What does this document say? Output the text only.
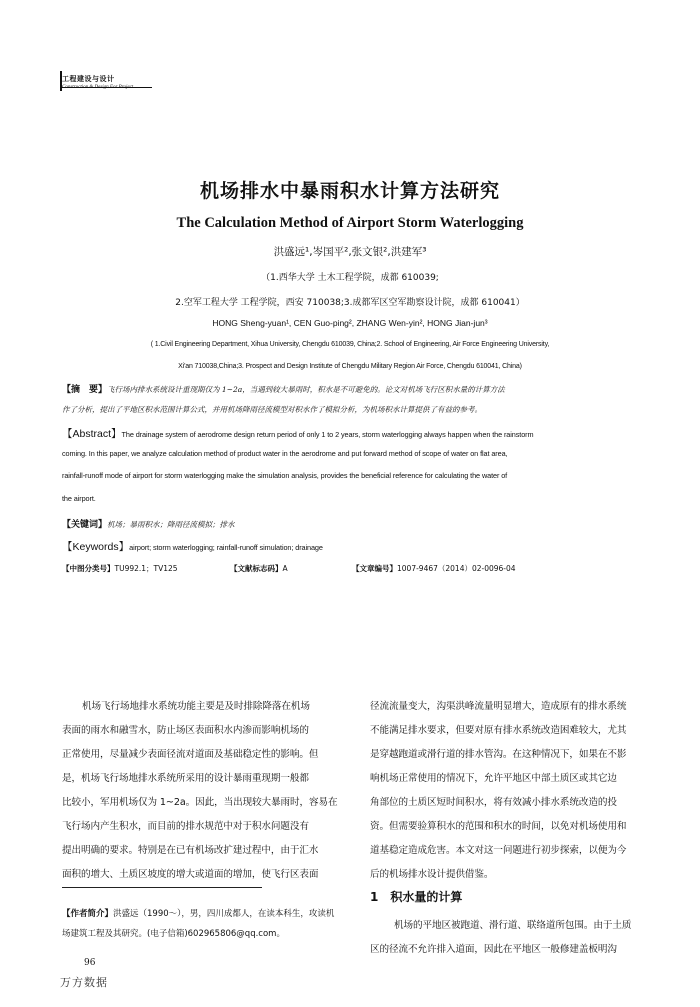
工程建设与设计
机场排水中暴雨积水计算方法研究
The Calculation Method of Airport Storm Waterlogging
洪盛远¹,岑国平²,张文银²,洪建军³
（1.西华大学 土木工程学院，成都 610039;
2.空军工程大学 工程学院，西安 710038;3.成都军区空军勘察设计院，成都 610041）
HONG Sheng-yuan¹, CEN Guo-ping², ZHANG Wen-yin², HONG Jian-jun³
( 1.Civil Engineering Department, Xihua University, Chengdu 610039, China;2. School of Engineering, Air Force Engineering University,
Xi'an 710038,China;3. Prospect and Design Institute of Chengdu Military Region Air Force, Chengdu 610041, China)
【摘　要】飞行场内排水系统设计重现期仅为 1~2a，当遇到较大暴雨时，积水是不可避免的。论文对机场飞行区积水量的计算方法
作了分析，提出了平地区积水范围计算公式，并用机场降雨径流模型对积水作了模拟分析，为机场积水计算提供了有益的参考。
【Abstract】The drainage system of aerodrome design return period of only 1 to 2 years, storm waterlogging always happen when the rainstorm
coming. In this paper, we analyze calculation method of product water in the aerodrome and put forward method of scope of water on flat area,
rainfall-runoff mode of airport for storm waterlogging make the simulation analysis, provides the beneficial reference for calculating the water of
the airport.
【关键词】机场；暴雨积水；降雨径流模拟；排水
【Keywords】airport; storm waterlogging; rainfall-runoff simulation; drainage
【中图分类号】TU992.1；TV125	【文献标志码】A	【文章编号】1007-9467（2014）02-0096-04
机场飞行场地排水系统功能主要是及时排除降落在机场
表面的雨水和融雪水，防止场区表面积水内渗而影响机场的
正常使用，尽量减少表面径流对道面及基础稳定性的影响。但
是，机场飞行场地排水系统所采用的设计暴雨重现期一般都
比较小，军用机场仅为 1~2a。因此，当出现较大暴雨时，容易在
飞行场内产生积水，而目前的排水规范中对于积水问题没有
提出明确的要求。特别是在已有机场改扩建过程中，由于汇水
面积的增大、土质区坡度的增大或道面的增加，使飞行区表面
径流流量变大，沟渠洪峰流量明显增大，造成原有的排水系统
不能满足排水要求，但要对原有排水系统改造困难较大，尤其
是穿越跑道或滑行道的排水管沟。在这种情况下，如果在不影
响机场正常使用的情况下，允许平地区中部土质区或其它边
角部位的土质区短时间积水，将有效减小排水系统改造的投
资。但需要验算积水的范围和积水的时间，以免对机场使用和
道基稳定造成危害。本文对这一问题进行初步探索，以便为今
后的机场排水设计提供借鉴。
1　积水量的计算
机场的平地区被跑道、滑行道、联络道所包围。由于土质
区的径流不允许排入道面，因此在平地区一般修建盖板明沟
【作者简介】洪盛远（1990～），男，四川成都人，在读本科生，攻读机
场建筑工程及其研究。(电子信箱)602965806@qq.com。
96
万方数据
